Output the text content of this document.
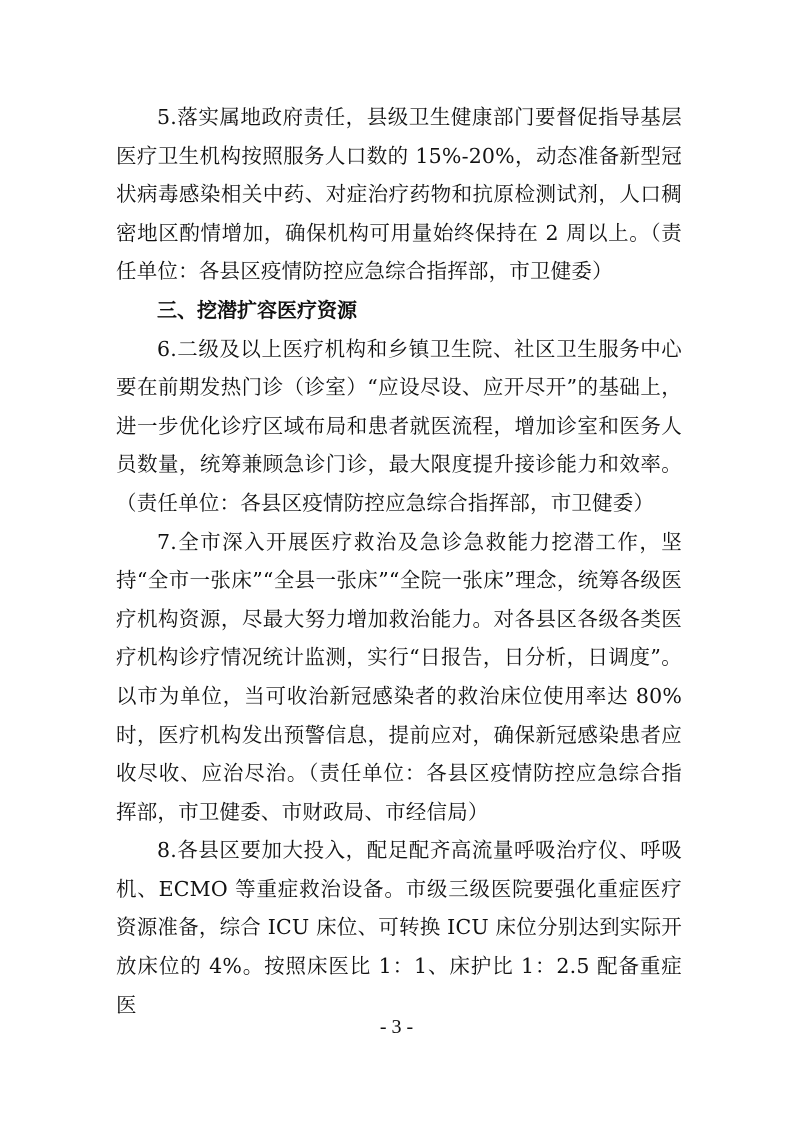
5.落实属地政府责任，县级卫生健康部门要督促指导基层医疗卫生机构按照服务人口数的 15%-20%，动态准备新型冠状病毒感染相关中药、对症治疗药物和抗原检测试剂，人口稠密地区酌情增加，确保机构可用量始终保持在 2 周以上。（责任单位：各县区疫情防控应急综合指挥部，市卫健委）

三、挖潜扩容医疗资源

6.二级及以上医疗机构和乡镇卫生院、社区卫生服务中心要在前期发热门诊（诊室）“应设尽设、应开尽开”的基础上，进一步优化诊疗区域布局和患者就医流程，增加诊室和医务人员数量，统筹兼顾急诊门诊，最大限度提升接诊能力和效率。（责任单位：各县区疫情防控应急综合指挥部，市卫健委）

7.全市深入开展医疗救治及急诊急救能力挖潜工作，坚持“全市一张床”“全县一张床”“全院一张床”理念，统筹各级医疗机构资源，尽最大努力增加救治能力。对各县区各级各类医疗机构诊疗情况统计监测，实行“日报告，日分析，日调度”。以市为单位，当可收治新冠感染者的救治床位使用率达 80%时，医疗机构发出预警信息，提前应对，确保新冠感染患者应收尽收、应治尽治。（责任单位：各县区疫情防控应急综合指挥部，市卫健委、市财政局、市经信局）

8.各县区要加大投入，配足配齐高流量呼吸治疗仪、呼吸机、ECMO 等重症救治设备。市级三级医院要强化重症医疗资源准备，综合 ICU 床位、可转换 ICU 床位分别达到实际开放床位的 4%。按照床医比 1：1、床护比 1：2.5 配备重症医

- 3 -
